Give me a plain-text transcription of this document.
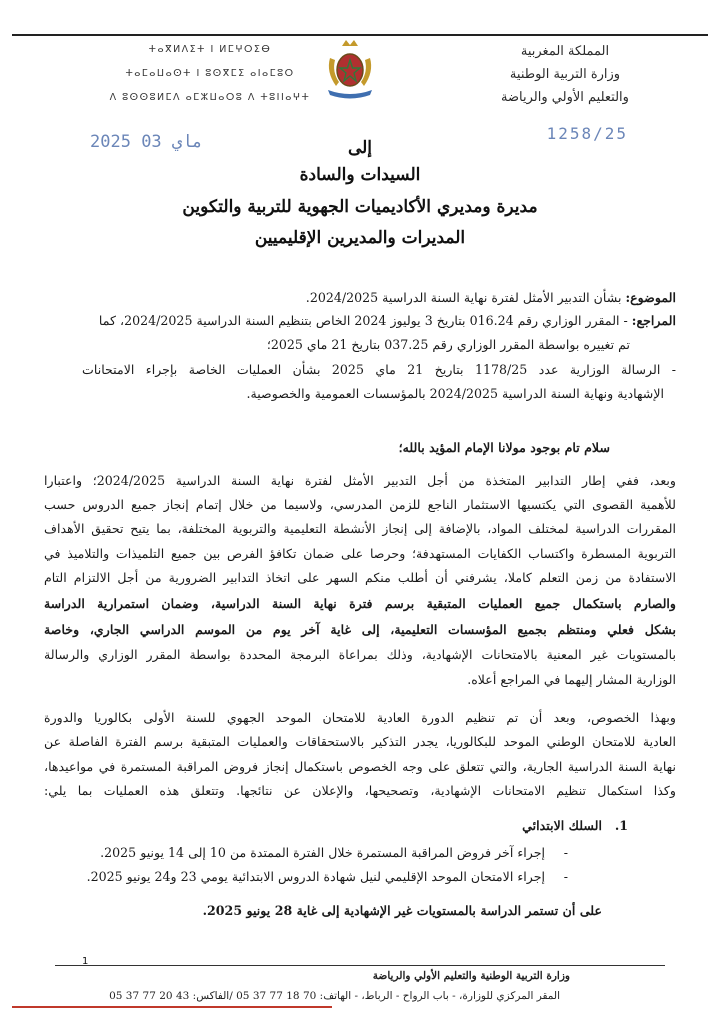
المملكة المغربية
وزارة التربية الوطنية
والتعليم الأولي والرياضة
ⵜⴰⴳⵍⴷⵉⵜ ⵏ ⵍⵎⵖⵔⵉⴱ
ⵜⴰⵎⴰⵡⴰⵙⵜ ⵏ ⵓⵙⴳⵎⵉ ⴰⵏⴰⵎⵓⵔ
ⴷ ⵓⵙⵙⵓⵍⵎⴷ ⴰⵎⵣⵡⴰⵔⵓ ⴷ ⵜⵓⵏⵏⴰⵖⵜ
2025 ماي 03	1258/25
إلى
السيدات والسادة
مديرة ومديري الأكاديميات الجهوية للتربية والتكوين
المديرات والمديرين الإقليميين
الموضوع: بشأن التدبير الأمثل لفترة نهاية السنة الدراسية 2024/2025.
المراجع: - المقرر الوزاري رقم 016.24 بتاريخ 3 يوليوز 2024 الخاص بتنظيم السنة الدراسية 2024/2025، كما
تم تغييره بواسطة المقرر الوزاري رقم 037.25 بتاريخ 21 ماي 2025؛
- الرسالة الوزارية عدد 1178/25 بتاريخ 21 ماي 2025 بشأن العمليات الخاصة بإجراء الامتحانات
الإشهادية ونهاية السنة الدراسية 2024/2025 بالمؤسسات العمومية والخصوصية.
سلام تام بوجود مولانا الإمام المؤيد بالله؛
وبعد، ففي إطار التدابير المتخذة من أجل التدبير الأمثل لفترة نهاية السنة الدراسية 2024/2025؛ واعتبارا
للأهمية القصوى التي يكتسيها الاستثمار الناجع للزمن المدرسي، ولاسيما من خلال إتمام إنجاز جميع الدروس حسب
المقررات الدراسية لمختلف المواد، بالإضافة إلى إنجاز الأنشطة التعليمية والتربوية المختلفة، بما يتيح تحقيق الأهداف
التربوية المسطرة واكتساب الكفايات المستهدفة؛ وحرصا على ضمان تكافؤ الفرص بين جميع التلميذات والتلاميذ في
الاستفادة من زمن التعلم كاملا، يشرفني أن أطلب منكم السهر على اتخاذ التدابير الضرورية من أجل الالتزام التام
والصارم باستكمال جميع العمليات المتبقية برسم فترة نهاية السنة الدراسية، وضمان استمرارية الدراسة
بشكل فعلي ومنتظم بجميع المؤسسات التعليمية، إلى غاية آخر يوم من الموسم الدراسي الجاري، وخاصة
بالمستويات غير المعنية بالامتحانات الإشهادية، وذلك بمراعاة البرمجة المحددة بواسطة المقرر الوزاري والرسالة
الوزارية المشار إليهما في المراجع أعلاه.
وبهذا الخصوص، وبعد أن تم تنظيم الدورة العادية للامتحان الموحد الجهوي للسنة الأولى بكالوريا والدورة
العادية للامتحان الوطني الموحد للبكالوريا، يجدر التذكير بالاستحقاقات والعمليات المتبقية برسم الفترة الفاصلة عن
نهاية السنة الدراسية الجارية، والتي تتعلق على وجه الخصوص باستكمال إنجاز فروض المراقبة المستمرة في مواعيدها،
وكذا استكمال تنظيم الامتحانات الإشهادية، وتصحيحها، والإعلان عن نتائجها. وتتعلق هذه العمليات بما يلي:
1.
السلك الابتدائي
-
إجراء آخر فروض المراقبة المستمرة خلال الفترة الممتدة من 10 إلى 14 يونيو 2025.
-
إجراء الامتحان الموحد الإقليمي لنيل شهادة الدروس الابتدائية يومي 23 و24 يونيو 2025.
على أن تستمر الدراسة بالمستويات غير الإشهادية إلى غاية 28 يونيو 2025.
1
وزارة التربية الوطنية والتعليم الأولي والرياضة
المقر المركزي للوزارة، - باب الرواح - الرباط، - الهاتف: 70 18 77 37 05 /الفاكس: 43 20 77 37 05
